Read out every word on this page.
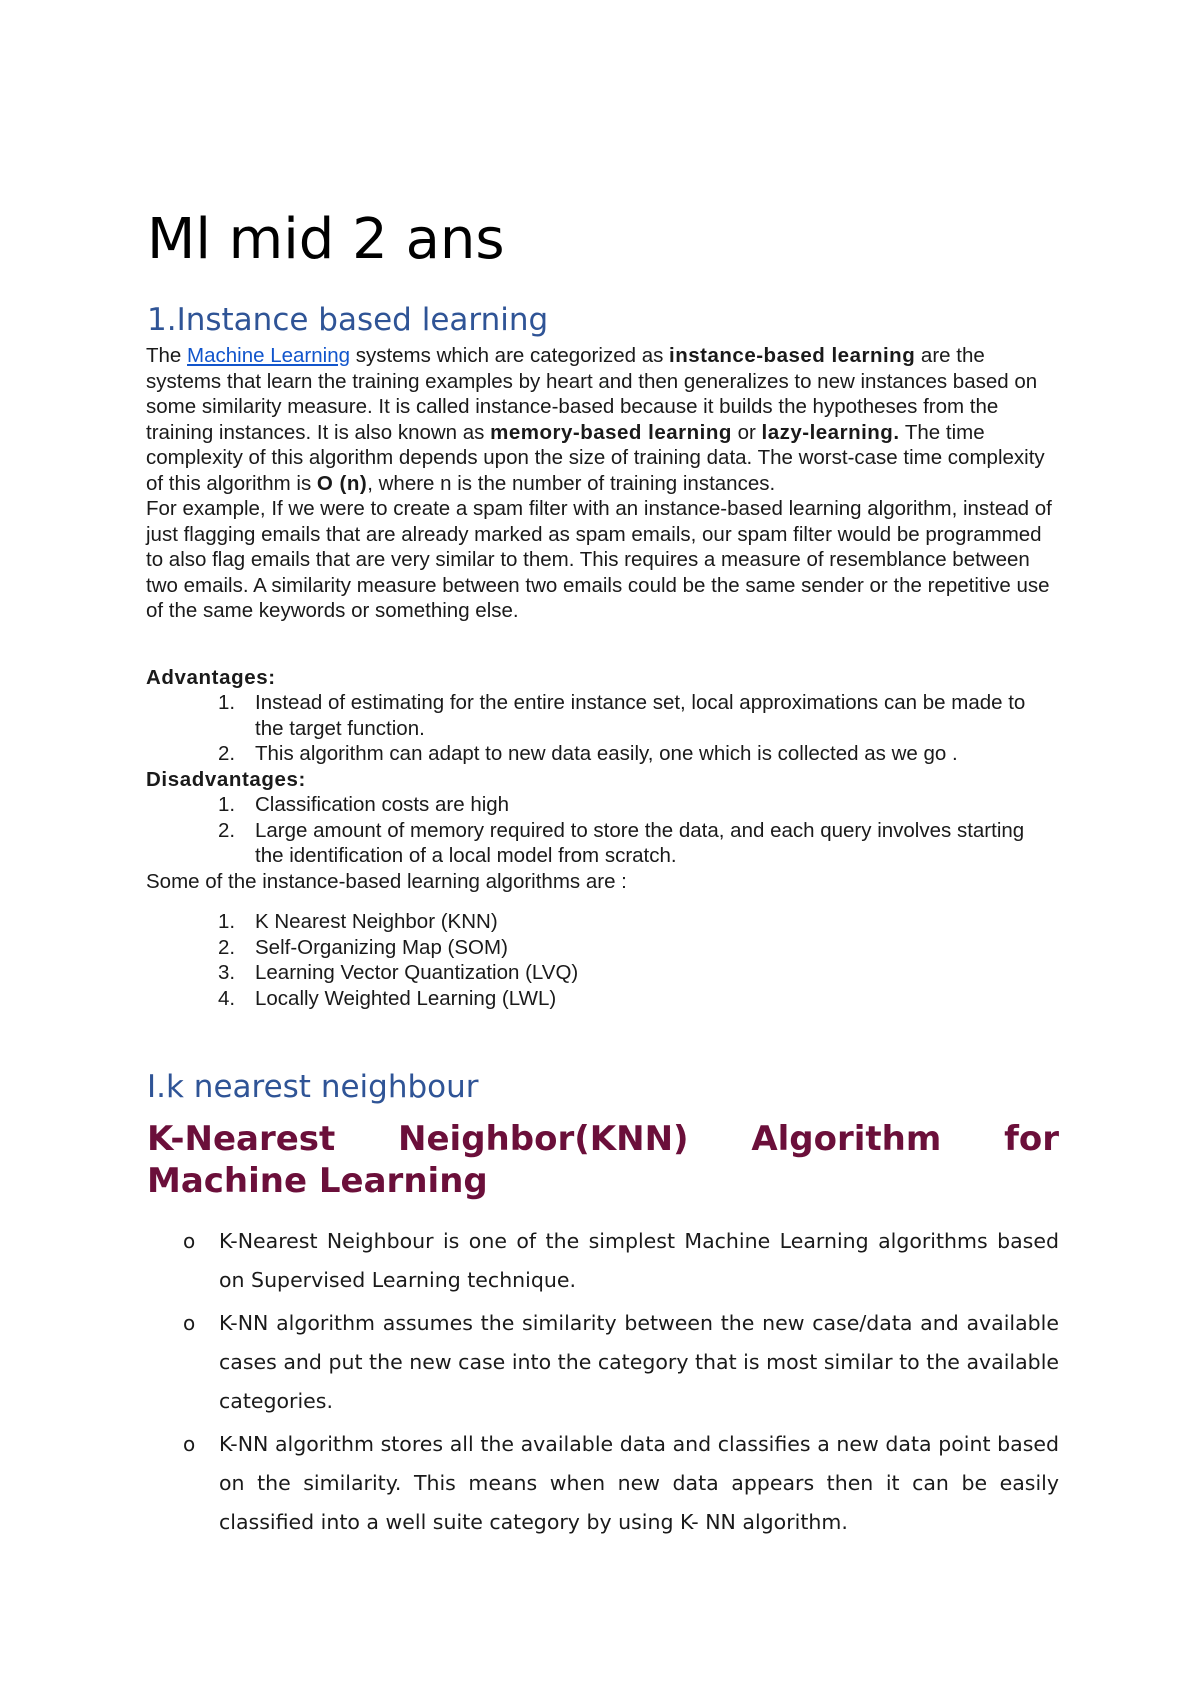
Ml mid 2 ans
1.Instance based learning

The Machine Learning systems which are categorized as instance-based learning are the systems that learn the training examples by heart and then generalizes to new instances based on some similarity measure. It is called instance-based because it builds the hypotheses from the training instances. It is also known as memory-based learning or lazy-learning. The time complexity of this algorithm depends upon the size of training data. The worst-case time complexity of this algorithm is O (n), where n is the number of training instances.

For example, If we were to create a spam filter with an instance-based learning algorithm, instead of just flagging emails that are already marked as spam emails, our spam filter would be programmed to also flag emails that are very similar to them. This requires a measure of resemblance between two emails. A similarity measure between two emails could be the same sender or the repetitive use of the same keywords or something else.

Advantages:

1. Instead of estimating for the entire instance set, local approximations can be made to the target function.
2. This algorithm can adapt to new data easily, one which is collected as we go .

Disadvantages:

1. Classification costs are high
2. Large amount of memory required to store the data, and each query involves starting the identification of a local model from scratch.

Some of the instance-based learning algorithms are :

1. K Nearest Neighbor (KNN)
2. Self-Organizing Map (SOM)
3. Learning Vector Quantization (LVQ)
4. Locally Weighted Learning (LWL)
I.k nearest neighbour
K-Nearest Neighbor(KNN) Algorithm for Machine Learning
o K-Nearest Neighbour is one of the simplest Machine Learning algorithms based on Supervised Learning technique.
o K-NN algorithm assumes the similarity between the new case/data and available cases and put the new case into the category that is most similar to the available categories.
o K-NN algorithm stores all the available data and classifies a new data point based on the similarity. This means when new data appears then it can be easily classified into a well suite category by using K- NN algorithm.
